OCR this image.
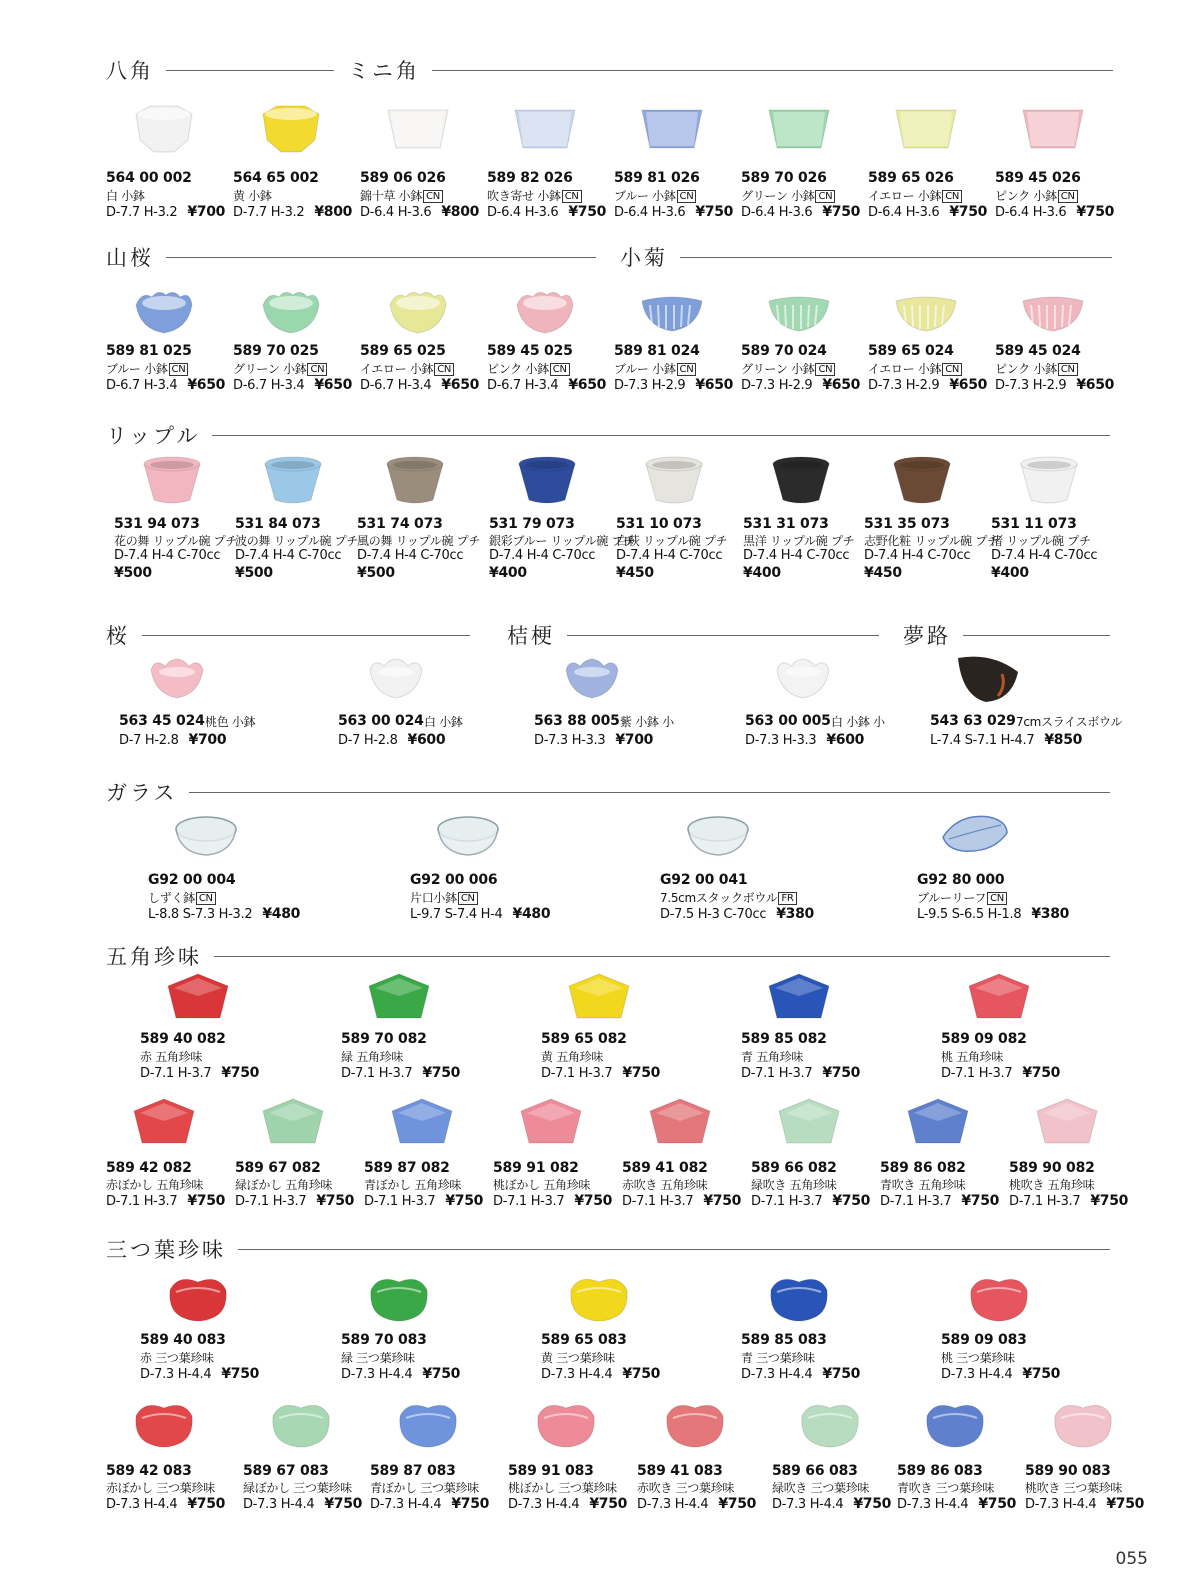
八角	ミニ角
山桜	小菊
リップル
桜	桔梗	夢路
ガラス
五角珍味
三つ葉珍味
564 00 002
白 小鉢
D-7.7 H-3.2 ¥700
564 65 002
黄 小鉢
D-7.7 H-3.2 ¥800
589 06 026
錦十草 小鉢 CN
D-6.4 H-3.6 ¥800
589 82 026
吹き寄せ 小鉢 CN
D-6.4 H-3.6 ¥750
589 81 026
ブルー 小鉢 CN
D-6.4 H-3.6 ¥750
589 70 026
グリーン 小鉢 CN
D-6.4 H-3.6 ¥750
589 65 026
イエロー 小鉢 CN
D-6.4 H-3.6 ¥750
589 45 026
ピンク 小鉢 CN
D-6.4 H-3.6 ¥750
589 81 025
ブルー 小鉢 CN
D-6.7 H-3.4 ¥650
589 70 025
グリーン 小鉢 CN
D-6.7 H-3.4 ¥650
589 65 025
イエロー 小鉢 CN
D-6.7 H-3.4 ¥650
589 45 025
ピンク 小鉢 CN
D-6.7 H-3.4 ¥650
589 81 024
ブルー 小鉢 CN
D-7.3 H-2.9 ¥650
589 70 024
グリーン 小鉢 CN
D-7.3 H-2.9 ¥650
589 65 024
イエロー 小鉢 CN
D-7.3 H-2.9 ¥650
589 45 024
ピンク 小鉢 CN
D-7.3 H-2.9 ¥650
531 94 073
花の舞 リップル碗 プチ
D-7.4 H-4 C-70cc
¥500
531 84 073
波の舞 リップル碗 プチ
D-7.4 H-4 C-70cc
¥500
531 74 073
風の舞 リップル碗 プチ
D-7.4 H-4 C-70cc
¥500
531 79 073
銀彩ブルー リップル碗 プチ
D-7.4 H-4 C-70cc
¥400
531 10 073
白萩 リップル碗 プチ
D-7.4 H-4 C-70cc
¥450
531 31 073
黒洋 リップル碗 プチ
D-7.4 H-4 C-70cc
¥400
531 35 073
志野化粧 リップル碗 プチ
D-7.4 H-4 C-70cc
¥450
531 11 073
渚 リップル碗 プチ
D-7.4 H-4 C-70cc
¥400
563 45 024 桃色 小鉢
D-7 H-2.8 ¥700
563 00 024 白 小鉢
D-7 H-2.8 ¥600
563 88 005 紫 小鉢 小
D-7.3 H-3.3 ¥700
563 00 005 白 小鉢 小
D-7.3 H-3.3 ¥600
543 63 029 7cmスライスボウル
L-7.4 S-7.1 H-4.7 ¥850
G92 00 004
しずく鉢 CN
L-8.8 S-7.3 H-3.2 ¥480
G92 00 006
片口小鉢 CN
L-9.7 S-7.4 H-4 ¥480
G92 00 041
7.5cmスタックボウル FR
D-7.5 H-3 C-70cc ¥380
G92 80 000
ブルーリーフ CN
L-9.5 S-6.5 H-1.8 ¥380
589 40 082
赤 五角珍味
D-7.1 H-3.7 ¥750
589 70 082
緑 五角珍味
D-7.1 H-3.7 ¥750
589 65 082
黄 五角珍味
D-7.1 H-3.7 ¥750
589 85 082
青 五角珍味
D-7.1 H-3.7 ¥750
589 09 082
桃 五角珍味
D-7.1 H-3.7 ¥750
589 42 082
赤ぼかし 五角珍味
D-7.1 H-3.7 ¥750
589 67 082
緑ぼかし 五角珍味
D-7.1 H-3.7 ¥750
589 87 082
青ぼかし 五角珍味
D-7.1 H-3.7 ¥750
589 91 082
桃ぼかし 五角珍味
D-7.1 H-3.7 ¥750
589 41 082
赤吹き 五角珍味
D-7.1 H-3.7 ¥750
589 66 082
緑吹き 五角珍味
D-7.1 H-3.7 ¥750
589 86 082
青吹き 五角珍味
D-7.1 H-3.7 ¥750
589 90 082
桃吹き 五角珍味
D-7.1 H-3.7 ¥750
589 40 083
赤 三つ葉珍味
D-7.3 H-4.4 ¥750
589 70 083
緑 三つ葉珍味
D-7.3 H-4.4 ¥750
589 65 083
黄 三つ葉珍味
D-7.3 H-4.4 ¥750
589 85 083
青 三つ葉珍味
D-7.3 H-4.4 ¥750
589 09 083
桃 三つ葉珍味
D-7.3 H-4.4 ¥750
589 42 083
赤ぼかし 三つ葉珍味
D-7.3 H-4.4 ¥750
589 67 083
緑ぼかし 三つ葉珍味
D-7.3 H-4.4 ¥750
589 87 083
青ぼかし 三つ葉珍味
D-7.3 H-4.4 ¥750
589 91 083
桃ぼかし 三つ葉珍味
D-7.3 H-4.4 ¥750
589 41 083
赤吹き 三つ葉珍味
D-7.3 H-4.4 ¥750
589 66 083
緑吹き 三つ葉珍味
D-7.3 H-4.4 ¥750
589 86 083
青吹き 三つ葉珍味
D-7.3 H-4.4 ¥750
589 90 083
桃吹き 三つ葉珍味
D-7.3 H-4.4 ¥750
055
